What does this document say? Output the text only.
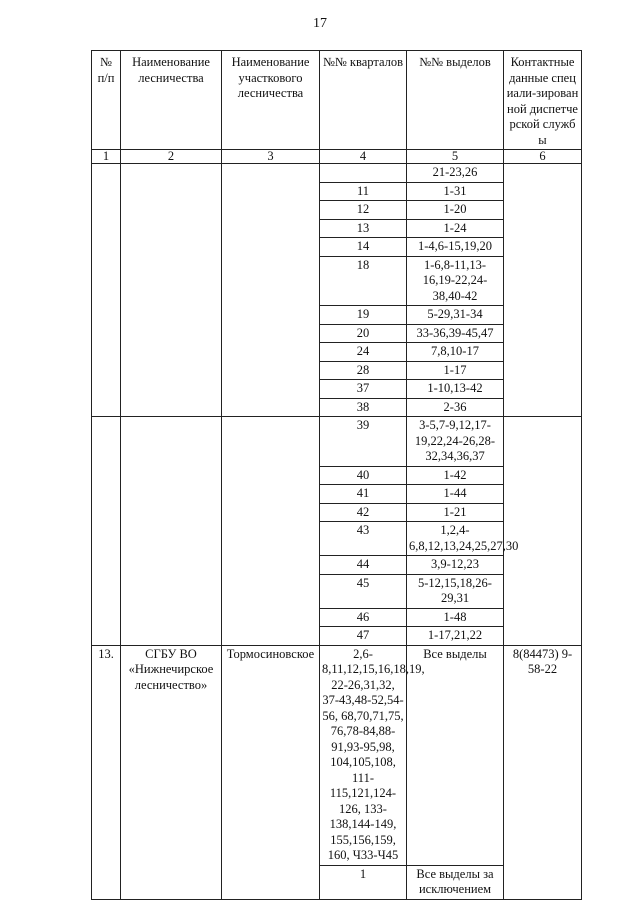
17
№ п/п	Наименование лесничества	Наименование участкового лесничества	№№ кварталов	№№ выделов	Контактные данные специали-зированной диспетчерской службы
1	2	3	4	5	6
				21-23,26	
			11	1-31	
			12	1-20	
			13	1-24	
			14	1-4,6-15,19,20	
			18	1-6,8-11,13-16,19-22,24-38,40-42	
			19	5-29,31-34	
			20	33-36,39-45,47	
			24	7,8,10-17	
			28	1-17	
			37	1-10,13-42	
			38	2-36	
			39	3-5,7-9,12,17-19,22,24-26,28-32,34,36,37	
			40	1-42	
			41	1-44	
			42	1-21	
			43	1,2,4-6,8,12,13,24,25,27,30	
			44	3,9-12,23	
			45	5-12,15,18,26-29,31	
			46	1-48	
			47	1-17,21,22	
13.	СГБУ ВО «Нижнечирское лесничество»	Тормосиновское	2,6-8,11,12,15,16,18,19, 22-26,31,32, 37-43,48-52,54-56, 68,70,71,75, 76,78-84,88-91,93-95,98, 104,105,108, 111-115,121,124-126, 133-138,144-149, 155,156,159, 160, Ч33-Ч45	Все выделы	8(84473) 9-58-22
			1	Все выделы за исключением	
